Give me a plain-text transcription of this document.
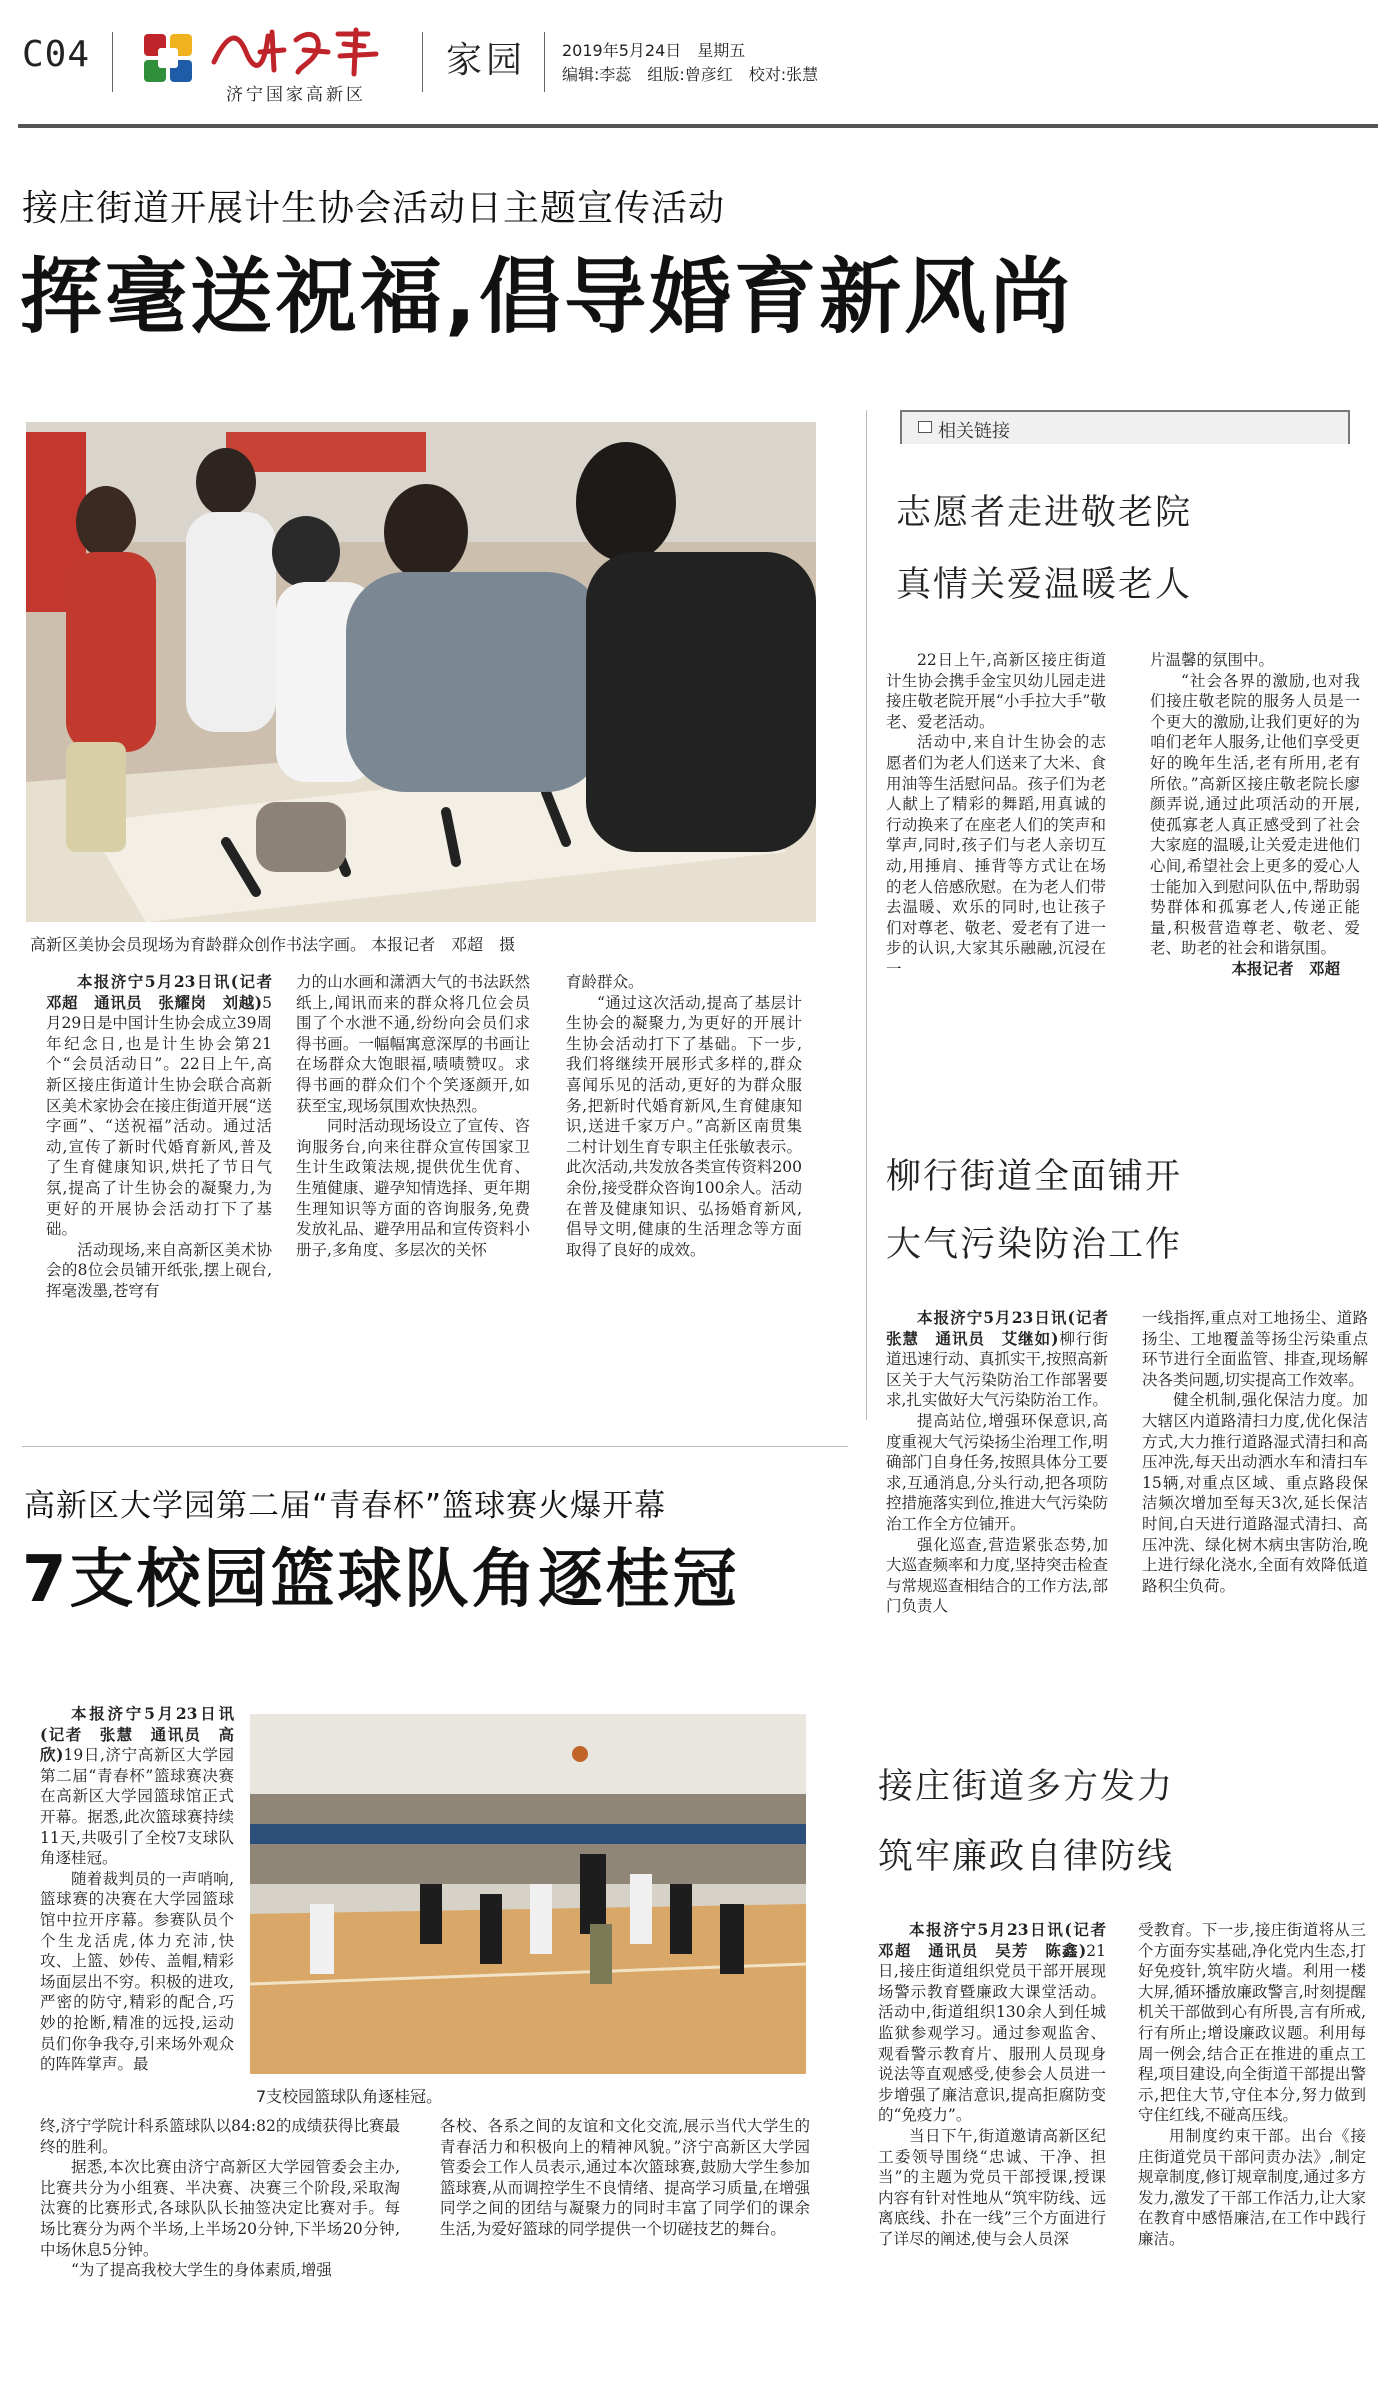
C04
济宁国家高新区
家园 2019年5月24日　星期五
编辑:李蕊　组版:曾彦红　校对:张慧
接庄街道开展计生协会活动日主题宣传活动
挥毫送祝福,倡导婚育新风尚
高新区美协会员现场为育龄群众创作书法字画。 本报记者　邓超　摄

本报济宁5月23日讯(记者　邓超　通讯员　张耀岗　刘越)5月29日是中国计生协会成立39周年纪念日,也是计生协会第21个“会员活动日”。22日上午,高新区接庄街道计生协会联合高新区美术家协会在接庄街道开展“送字画”、“送祝福”活动。通过活动,宣传了新时代婚育新风,普及了生育健康知识,烘托了节日气氛,提高了计生协会的凝聚力,为更好的开展协会活动打下了基础。

活动现场,来自高新区美术协会的8位会员铺开纸张,摆上砚台,挥毫泼墨,苍穹有

力的山水画和潇洒大气的书法跃然纸上,闻讯而来的群众将几位会员围了个水泄不通,纷纷向会员们求得书画。一幅幅寓意深厚的书画让在场群众大饱眼福,啧啧赞叹。求得书画的群众们个个笑逐颜开,如获至宝,现场氛围欢快热烈。

同时活动现场设立了宣传、咨询服务台,向来往群众宣传国家卫生计生政策法规,提供优生优育、生殖健康、避孕知情选择、更年期生理知识等方面的咨询服务,免费发放礼品、避孕用品和宣传资料小册子,多角度、多层次的关怀

育龄群众。

“通过这次活动,提高了基层计生协会的凝聚力,为更好的开展计生协会活动打下了基础。下一步,我们将继续开展形式多样的,群众喜闻乐见的活动,更好的为群众服务,把新时代婚育新风,生育健康知识,送进千家万户。”高新区南贯集二村计划生育专职主任张敏表示。此次活动,共发放各类宣传资料200余份,接受群众咨询100余人。活动在普及健康知识、弘扬婚育新风,倡导文明,健康的生活理念等方面取得了良好的成效。

相关链接
志愿者走进敬老院
真情关爱温暖老人

22日上午,高新区接庄街道计生协会携手金宝贝幼儿园走进接庄敬老院开展“小手拉大手”敬老、爱老活动。

活动中,来自计生协会的志愿者们为老人们送来了大米、食用油等生活慰问品。孩子们为老人献上了精彩的舞蹈,用真诚的行动换来了在座老人们的笑声和掌声,同时,孩子们与老人亲切互动,用捶肩、捶背等方式让在场的老人倍感欣慰。在为老人们带去温暖、欢乐的同时,也让孩子们对尊老、敬老、爱老有了进一步的认识,大家其乐融融,沉浸在一

片温馨的氛围中。

“社会各界的激励,也对我们接庄敬老院的服务人员是一个更大的激励,让我们更好的为咱们老年人服务,让他们享受更好的晚年生活,老有所用,老有所依。”高新区接庄敬老院长廖颜弄说,通过此项活动的开展,使孤寡老人真正感受到了社会大家庭的温暖,让关爱走进他们心间,希望社会上更多的爱心人士能加入到慰问队伍中,帮助弱势群体和孤寡老人,传递正能量,积极营造尊老、敬老、爱老、助老的社会和谐氛围。

本报记者　邓超

柳行街道全面铺开
大气污染防治工作

本报济宁5月23日讯(记者　张慧　通讯员　艾继如)柳行街道迅速行动、真抓实干,按照高新区关于大气污染防治工作部署要求,扎实做好大气污染防治工作。

提高站位,增强环保意识,高度重视大气污染扬尘治理工作,明确部门自身任务,按照具体分工要求,互通消息,分头行动,把各项防控措施落实到位,推进大气污染防治工作全方位铺开。

强化巡查,营造紧张态势,加大巡查频率和力度,坚持突击检查与常规巡查相结合的工作方法,部门负责人

一线指挥,重点对工地扬尘、道路扬尘、工地覆盖等扬尘污染重点环节进行全面监管、排查,现场解决各类问题,切实提高工作效率。

健全机制,强化保洁力度。加大辖区内道路清扫力度,优化保洁方式,大力推行道路湿式清扫和高压冲洗,每天出动洒水车和清扫车15辆,对重点区域、重点路段保洁频次增加至每天3次,延长保洁时间,白天进行道路湿式清扫、高压冲洗、绿化树木病虫害防治,晚上进行绿化浇水,全面有效降低道路积尘负荷。

接庄街道多方发力
筑牢廉政自律防线

本报济宁5月23日讯(记者　邓超　通讯员　吴芳　陈鑫)21日,接庄街道组织党员干部开展现场警示教育暨廉政大课堂活动。活动中,街道组织130余人到任城监狱参观学习。通过参观监舍、观看警示教育片、服刑人员现身说法等直观感受,使参会人员进一步增强了廉洁意识,提高拒腐防变的“免疫力”。

当日下午,街道邀请高新区纪工委领导围绕“忠诚、干净、担当”的主题为党员干部授课,授课内容有针对性地从“筑牢防线、远离底线、扑在一线”三个方面进行了详尽的阐述,使与会人员深

受教育。下一步,接庄街道将从三个方面夯实基础,净化党内生态,打好免疫针,筑牢防火墙。利用一楼大屏,循环播放廉政警言,时刻提醒机关干部做到心有所畏,言有所戒,行有所止;增设廉政议题。利用每周一例会,结合正在推进的重点工程,项目建设,向全街道干部提出警示,把住大节,守住本分,努力做到守住红线,不碰高压线。

用制度约束干部。出台《接庄街道党员干部问责办法》,制定规章制度,修订规章制度,通过多方发力,激发了干部工作活力,让大家在教育中感悟廉洁,在工作中践行廉洁。

高新区大学园第二届“青春杯”篮球赛火爆开幕
7支校园篮球队角逐桂冠

本报济宁5月23日讯(记者　张慧　通讯员　高欣)19日,济宁高新区大学园第二届“青春杯”篮球赛决赛在高新区大学园篮球馆正式开幕。据悉,此次篮球赛持续11天,共吸引了全校7支球队角逐桂冠。

随着裁判员的一声哨响,篮球赛的决赛在大学园篮球馆中拉开序幕。参赛队员个个生龙活虎,体力充沛,快攻、上篮、妙传、盖帽,精彩场面层出不穷。积极的进攻,严密的防守,精彩的配合,巧妙的抢断,精准的远投,运动员们你争我夺,引来场外观众的阵阵掌声。最

7支校园篮球队角逐桂冠。

终,济宁学院计科系篮球队以84:82的成绩获得比赛最终的胜利。

据悉,本次比赛由济宁高新区大学园管委会主办,比赛共分为小组赛、半决赛、决赛三个阶段,采取淘汰赛的比赛形式,各球队队长抽签决定比赛对手。每场比赛分为两个半场,上半场20分钟,下半场20分钟,中场休息5分钟。

“为了提高我校大学生的身体素质,增强

各校、各系之间的友谊和文化交流,展示当代大学生的青春活力和积极向上的精神风貌。”济宁高新区大学园管委会工作人员表示,通过本次篮球赛,鼓励大学生参加篮球赛,从而调控学生不良情绪、提高学习质量,在增强同学之间的团结与凝聚力的同时丰富了同学们的课余生活,为爱好篮球的同学提供一个切磋技艺的舞台。
